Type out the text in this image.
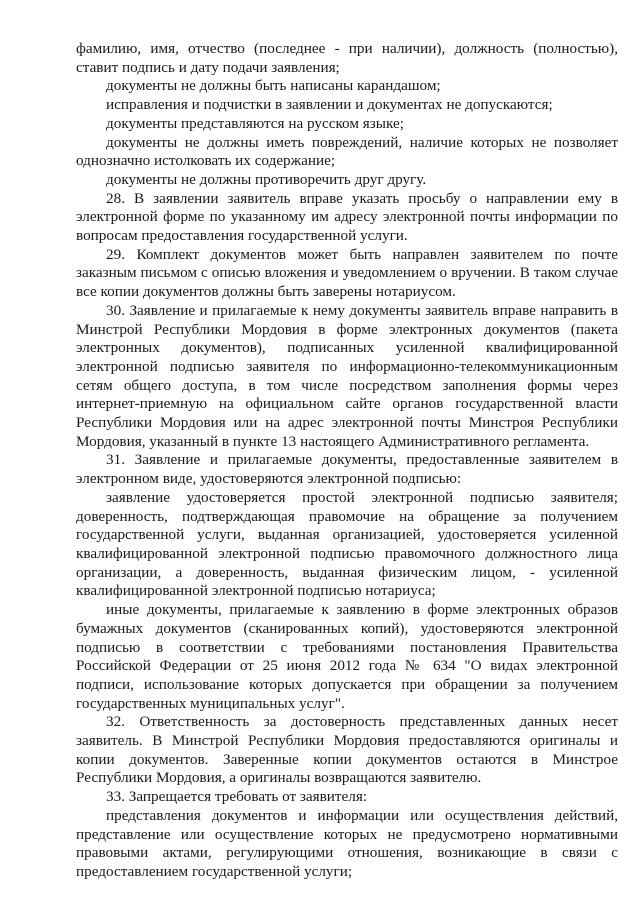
фамилию, имя, отчество (последнее - при наличии), должность (полностью), ставит подпись и дату подачи заявления;

документы не должны быть написаны карандашом;

исправления и подчистки в заявлении и документах не допускаются;

документы представляются на русском языке;

документы не должны иметь повреждений, наличие которых не позволяет однозначно истолковать их содержание;

документы не должны противоречить друг другу.

28. В заявлении заявитель вправе указать просьбу о направлении ему в электронной форме по указанному им адресу электронной почты информации по вопросам предоставления государственной услуги.

29. Комплект документов может быть направлен заявителем по почте заказным письмом с описью вложения и уведомлением о вручении. В таком случае все копии документов должны быть заверены нотариусом.

30. Заявление и прилагаемые к нему документы заявитель вправе направить в Минстрой Республики Мордовия в форме электронных документов (пакета электронных документов), подписанных усиленной квалифицированной электронной подписью заявителя по информационно-телекоммуникационным сетям общего доступа, в том числе посредством заполнения формы через интернет-приемную на официальном сайте органов государственной власти Республики Мордовия или на адрес электронной почты Минстроя Республики Мордовия, указанный в пункте 13 настоящего Административного регламента.

31. Заявление и прилагаемые документы, предоставленные заявителем в электронном виде, удостоверяются электронной подписью:

заявление удостоверяется простой электронной подписью заявителя; доверенность, подтверждающая правомочие на обращение за получением государственной услуги, выданная организацией, удостоверяется усиленной квалифицированной электронной подписью правомочного должностного лица организации, а доверенность, выданная физическим лицом, - усиленной квалифицированной электронной подписью нотариуса;

иные документы, прилагаемые к заявлению в форме электронных образов бумажных документов (сканированных копий), удостоверяются электронной подписью в соответствии с требованиями постановления Правительства Российской Федерации от 25 июня 2012 года № 634 "О видах электронной подписи, использование которых допускается при обращении за получением государственных муниципальных услуг".

32. Ответственность за достоверность представленных данных несет заявитель. В Минстрой Республики Мордовия предоставляются оригиналы и копии документов. Заверенные копии документов остаются в Минстрое Республики Мордовия, а оригиналы возвращаются заявителю.

33. Запрещается требовать от заявителя:

представления документов и информации или осуществления действий, представление или осуществление которых не предусмотрено нормативными правовыми актами, регулирующими отношения, возникающие в связи с предоставлением государственной услуги;
